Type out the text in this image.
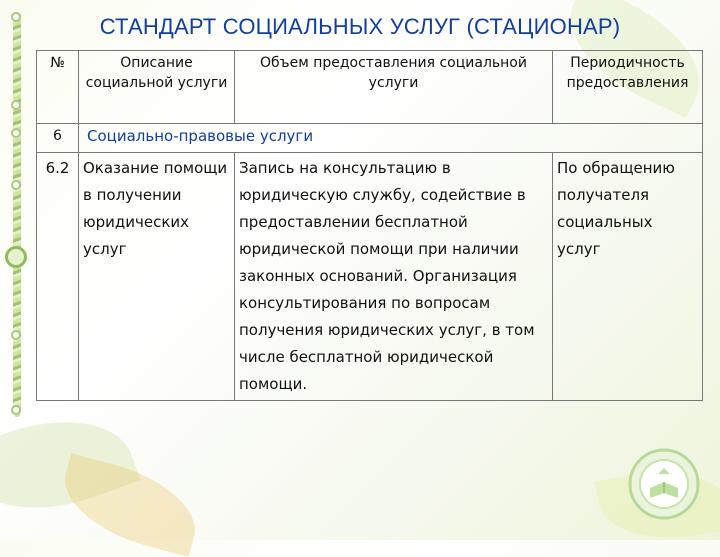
СТАНДАРТ СОЦИАЛЬНЫХ УСЛУГ (СТАЦИОНАР)
№	Описание социальной услуги	Объем предоставления социальной услуги	Периодичность предоставления
6	Социально-правовые услуги		
6.2	Оказание помощи в получении юридических услуг	Запись на консультацию в юридическую службу, содействие в предоставлении бесплатной юридической помощи при наличии законных оснований. Организация консультирования по вопросам получения юридических услуг, в том числе бесплатной юридической помощи.	По обращению получателя социальных услуг
